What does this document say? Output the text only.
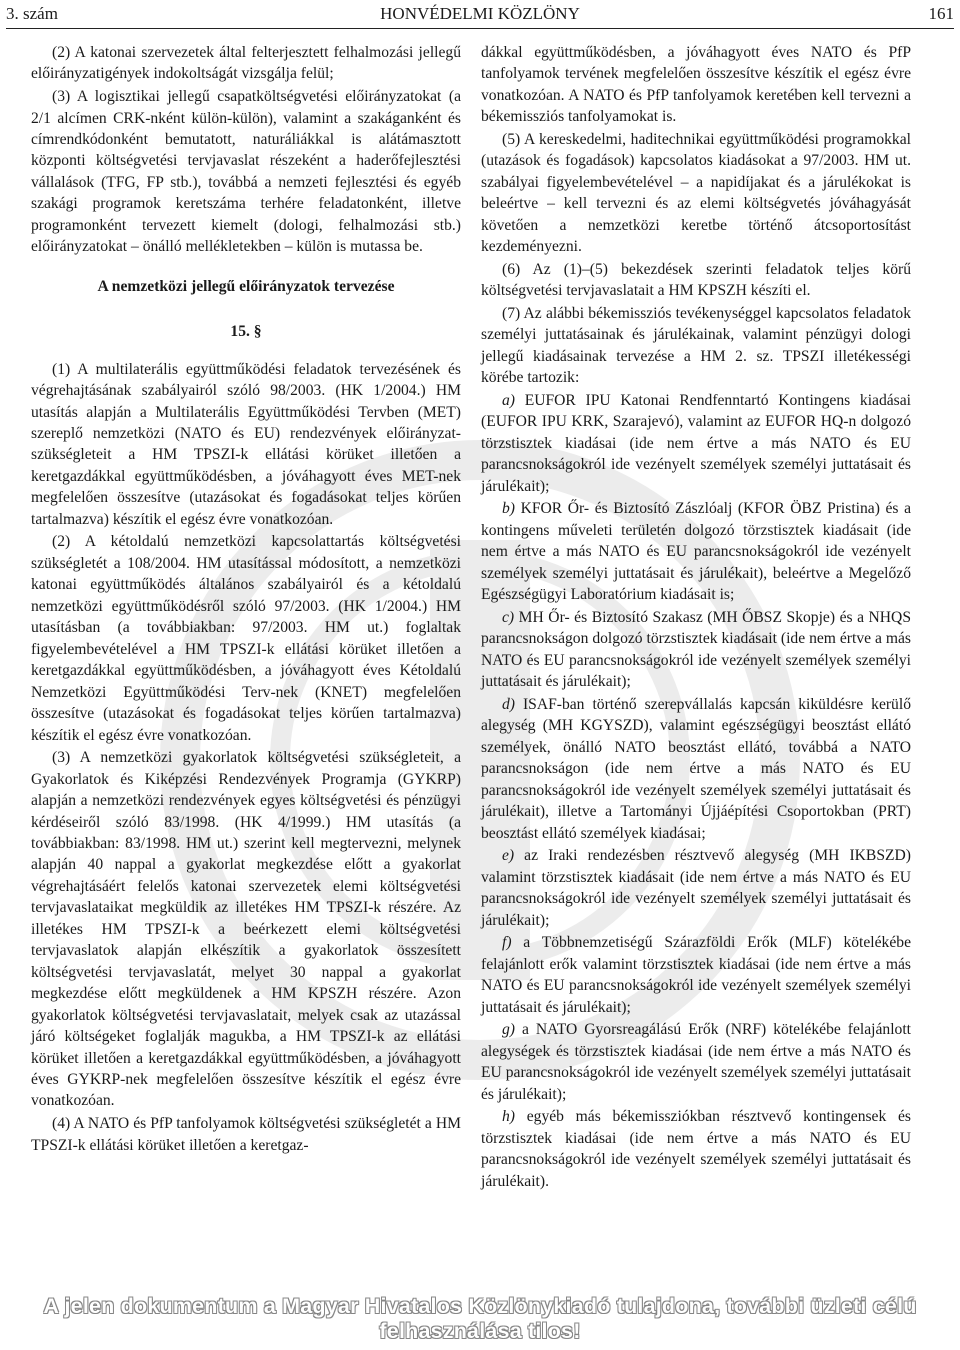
3. szám	HONVÉDELMI KÖZLÖNY	161

(2) A katonai szervezetek által felterjesztett felhalmozási jellegű előirányzatigények indokoltságát vizsgálja felül;

(3) A logisztikai jellegű csapatköltségvetési előirányzatokat (a 2/1 alcímen CRK-nként külön-külön), valamint a szakáganként és címrendkódonként bemutatott, naturáliákkal is alátámasztott központi költségvetési tervjavaslat részeként a haderőfejlesztési vállalások (TFG, FP stb.), továbbá a nemzeti fejlesztési és egyéb szakági programok keretszáma terhére feladatonként, illetve programonként tervezett kiemelt (dologi, felhalmozási stb.) előirányzatokat – önálló mellékletekben – külön is mutassa be.

A nemzetközi jellegű előirányzatok tervezése

15. §

(1) A multilaterális együttműködési feladatok tervezésének és végrehajtásának szabályairól szóló 98/2003. (HK 1/2004.) HM utasítás alapján a Multilaterális Együttműködési Tervben (MET) szereplő nemzetközi (NATO és EU) rendezvények előirányzat-szükségleteit a HM TPSZI-k ellátási körüket illetően a keretgazdákkal együttműködésben, a jóváhagyott éves MET-nek megfelelően összesítve (utazásokat és fogadásokat teljes körűen tartalmazva) készítik el egész évre vonatkozóan.

(2) A kétoldalú nemzetközi kapcsolattartás költségvetési szükségletét a 108/2004. HM utasítással módosított, a nemzetközi katonai együttműködés általános szabályairól és a kétoldalú nemzetközi együttműködésről szóló 97/2003. (HK 1/2004.) HM utasításban (a továbbiakban: 97/2003. HM ut.) foglaltak figyelembevételével a HM TPSZI-k ellátási körüket illetően a keretgazdákkal együttműködésben, a jóváhagyott éves Kétoldalú Nemzetközi Együttműködési Terv-nek (KNET) megfelelően összesítve (utazásokat és fogadásokat teljes körűen tartalmazva) készítik el egész évre vonatkozóan.

(3) A nemzetközi gyakorlatok költségvetési szükségleteit, a Gyakorlatok és Kiképzési Rendezvények Programja (GYKRP) alapján a nemzetközi rendezvények egyes költségvetési és pénzügyi kérdéseiről szóló 83/1998. (HK 4/1999.) HM utasítás (a továbbiakban: 83/1998. HM ut.) szerint kell megtervezni, melynek alapján 40 nappal a gyakorlat megkezdése előtt a gyakorlat végrehajtásáért felelős katonai szervezetek elemi költségvetési tervjavaslataikat megküldik az illetékes HM TPSZI-k részére. Az illetékes HM TPSZI-k a beérkezett elemi költségvetési tervjavaslatok alapján elkészítik a gyakorlatok összesített költségvetési tervjavaslatát, melyet 30 nappal a gyakorlat megkezdése előtt megküldenek a HM KPSZH részére. Azon gyakorlatok költségvetési tervjavaslatait, melyek csak az utazással járó költségeket foglalják magukba, a HM TPSZI-k az ellátási körüket illetően a keretgazdákkal együttműködésben, a jóváhagyott éves GYKRP-nek megfelelően összesítve készítik el egész évre vonatkozóan.

(4) A NATO és PfP tanfolyamok költségvetési szükségletét a HM TPSZI-k ellátási körüket illetően a keretgaz-

dákkal együttműködésben, a jóváhagyott éves NATO és PfP tanfolyamok tervének megfelelően összesítve készítik el egész évre vonatkozóan. A NATO és PfP tanfolyamok keretében kell tervezni a békemissziós tanfolyamokat is.

(5) A kereskedelmi, haditechnikai együttműködési programokkal (utazások és fogadások) kapcsolatos kiadásokat a 97/2003. HM ut. szabályai figyelembevételével – a napidíjakat és a járulékokat is beleértve – kell tervezni és az elemi költségvetés jóváhagyását követően a nemzetközi keretbe történő átcsoportosítást kezdeményezni.

(6) Az (1)–(5) bekezdések szerinti feladatok teljes körű költségvetési tervjavaslatait a HM KPSZH készíti el.

(7) Az alábbi békemissziós tevékenységgel kapcsolatos feladatok személyi juttatásainak és járulékainak, valamint pénzügyi dologi jellegű kiadásainak tervezése a HM 2. sz. TPSZI illetékességi körébe tartozik:

a) EUFOR IPU Katonai Rendfenntartó Kontingens kiadásai (EUFOR IPU KRK, Szarajevó), valamint az EUFOR HQ-n dolgozó törzstisztek kiadásai (ide nem értve a más NATO és EU parancsnokságokról ide vezényelt személyek személyi juttatásait és járulékait);

b) KFOR Őr- és Biztosító Zászlóalj (KFOR ÖBZ Pristina) és a kontingens műveleti területén dolgozó törzstisztek kiadásait (ide nem értve a más NATO és EU parancsnokságokról ide vezényelt személyek személyi juttatásait és járulékait), beleértve a Megelőző Egészségügyi Laboratórium kiadásait is;

c) MH Őr- és Biztosító Szakasz (MH ŐBSZ Skopje) és a NHQS parancsnokságon dolgozó törzstisztek kiadásait (ide nem értve a más NATO és EU parancsnokságokról ide vezényelt személyek személyi juttatásait és járulékait);

d) ISAF-ban történő szerepvállalás kapcsán kiküldésre kerülő alegység (MH KGYSZD), valamint egészségügyi beosztást ellátó személyek, önálló NATO beosztást ellátó, továbbá a NATO parancsnokságon (ide nem értve a más NATO és EU parancsnokságokról ide vezényelt személyek személyi juttatásait és járulékait), illetve a Tartományi Újjáépítési Csoportokban (PRT) beosztást ellátó személyek kiadásai;

e) az Iraki rendezésben résztvevő alegység (MH IKBSZD) valamint törzstisztek kiadásait (ide nem értve a más NATO és EU parancsnokságokról ide vezényelt személyek személyi juttatásait és járulékait);

f) a Többnemzetiségű Szárazföldi Erők (MLF) kötelékébe felajánlott erők valamint törzstisztek kiadásai (ide nem értve a más NATO és EU parancsnokságokról ide vezényelt személyek személyi juttatásait és járulékait);

g) a NATO Gyorsreagálású Erők (NRF) kötelékébe felajánlott alegységek és törzstisztek kiadásai (ide nem értve a más NATO és EU parancsnokságokról ide vezényelt személyek személyi juttatásait és járulékait);

h) egyéb más békemissziókban résztvevő kontingensek és törzstisztek kiadásai (ide nem értve a más NATO és EU parancsnokságokról ide vezényelt személyek személyi juttatásait és járulékait).

A jelen dokumentum a Magyar Hivatalos Közlönykiadó tulajdona, további üzleti célú felhasználása tilos!
